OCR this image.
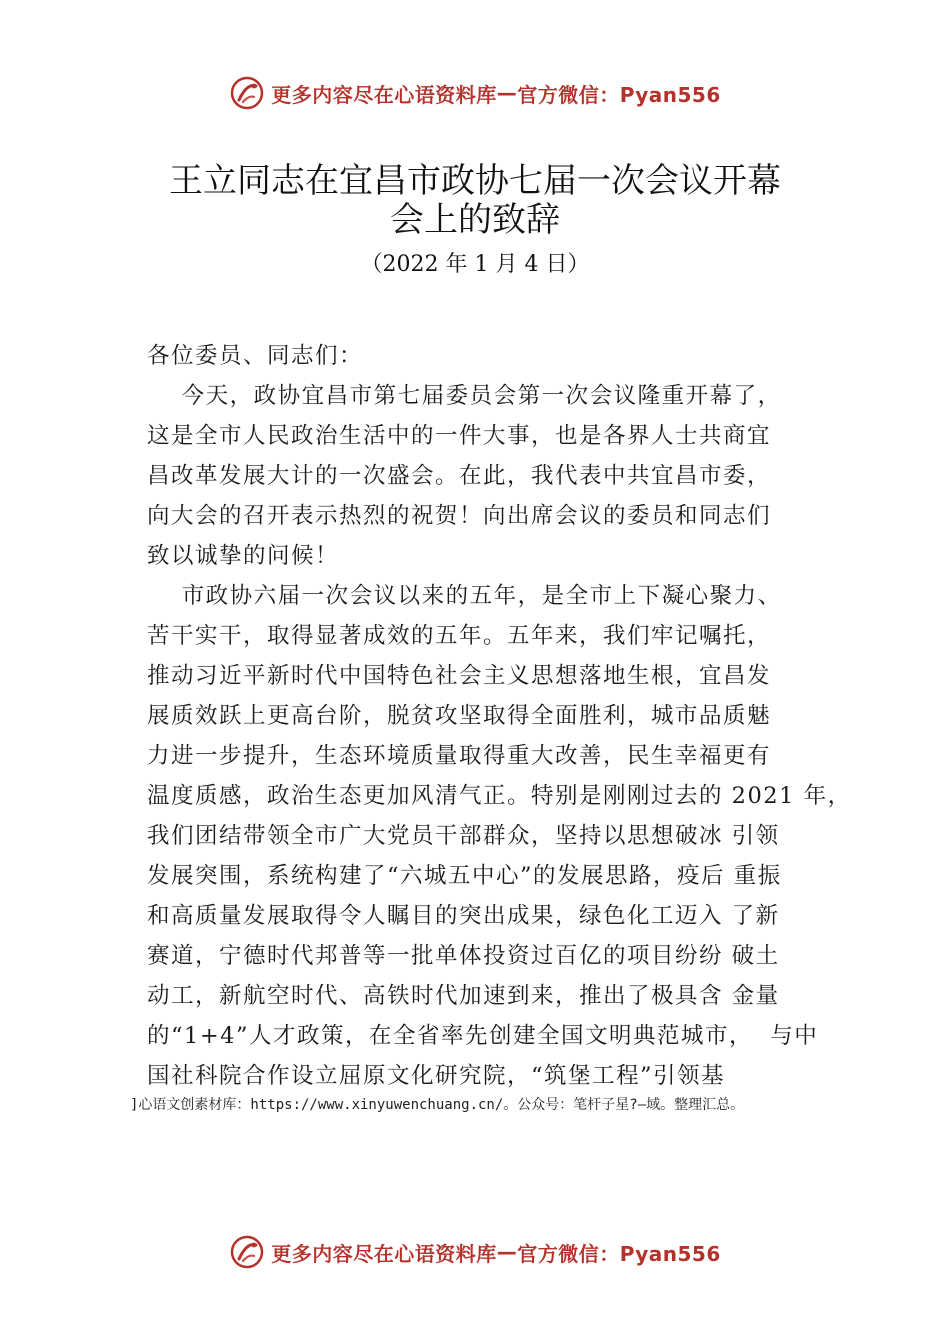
更多内容尽在心语资料库 — 官方微信：Pyan556
王立同志在宜昌市政协七届一次会议开幕
会上的致辞
（2022 年 1 月 4 日）
各位委员、同志们：
今天，政协宜昌市第七届委员会第一次会议隆重开幕了，
这是全市人民政治生活中的一件大事，也是各界人士共商宜
昌改革发展大计的一次盛会。在此，我代表中共宜昌市委，
向大会的召开表示热烈的祝贺！向出席会议的委员和同志们
致以诚挚的问候！
市政协六届一次会议以来的五年，是全市上下凝心聚力、
苦干实干，取得显著成效的五年。五年来，我们牢记嘱托，
推动习近平新时代中国特色社会主义思想落地生根，宜昌发
展质效跃上更高台阶，脱贫攻坚取得全面胜利，城市品质魅
力进一步提升，生态环境质量取得重大改善，民生幸福更有
温度质感，政治生态更加风清气正。特别是刚刚过去的 2021 年，
我们团结带领全市广大党员干部群众，坚持以思想破冰 引领
发展突围，系统构建了“六城五中心”的发展思路，疫后 重振
和高质量发展取得令人瞩目的突出成果，绿色化工迈入 了新
赛道，宁德时代邦普等一批单体投资过百亿的项目纷纷 破土
动工，新航空时代、高铁时代加速到来，推出了极具含 金量
的“1+4”人才政策，在全省率先创建全国文明典范城市，  与中
国社科院合作设立屈原文化研究院，“筑堡工程”引领基
]心语文创素材库：https://www.xinyuwenchuang.cn/。公众号：笔杆子星?—域。整理汇总。
更多内容尽在心语资料库 — 官方微信：Pyan556
